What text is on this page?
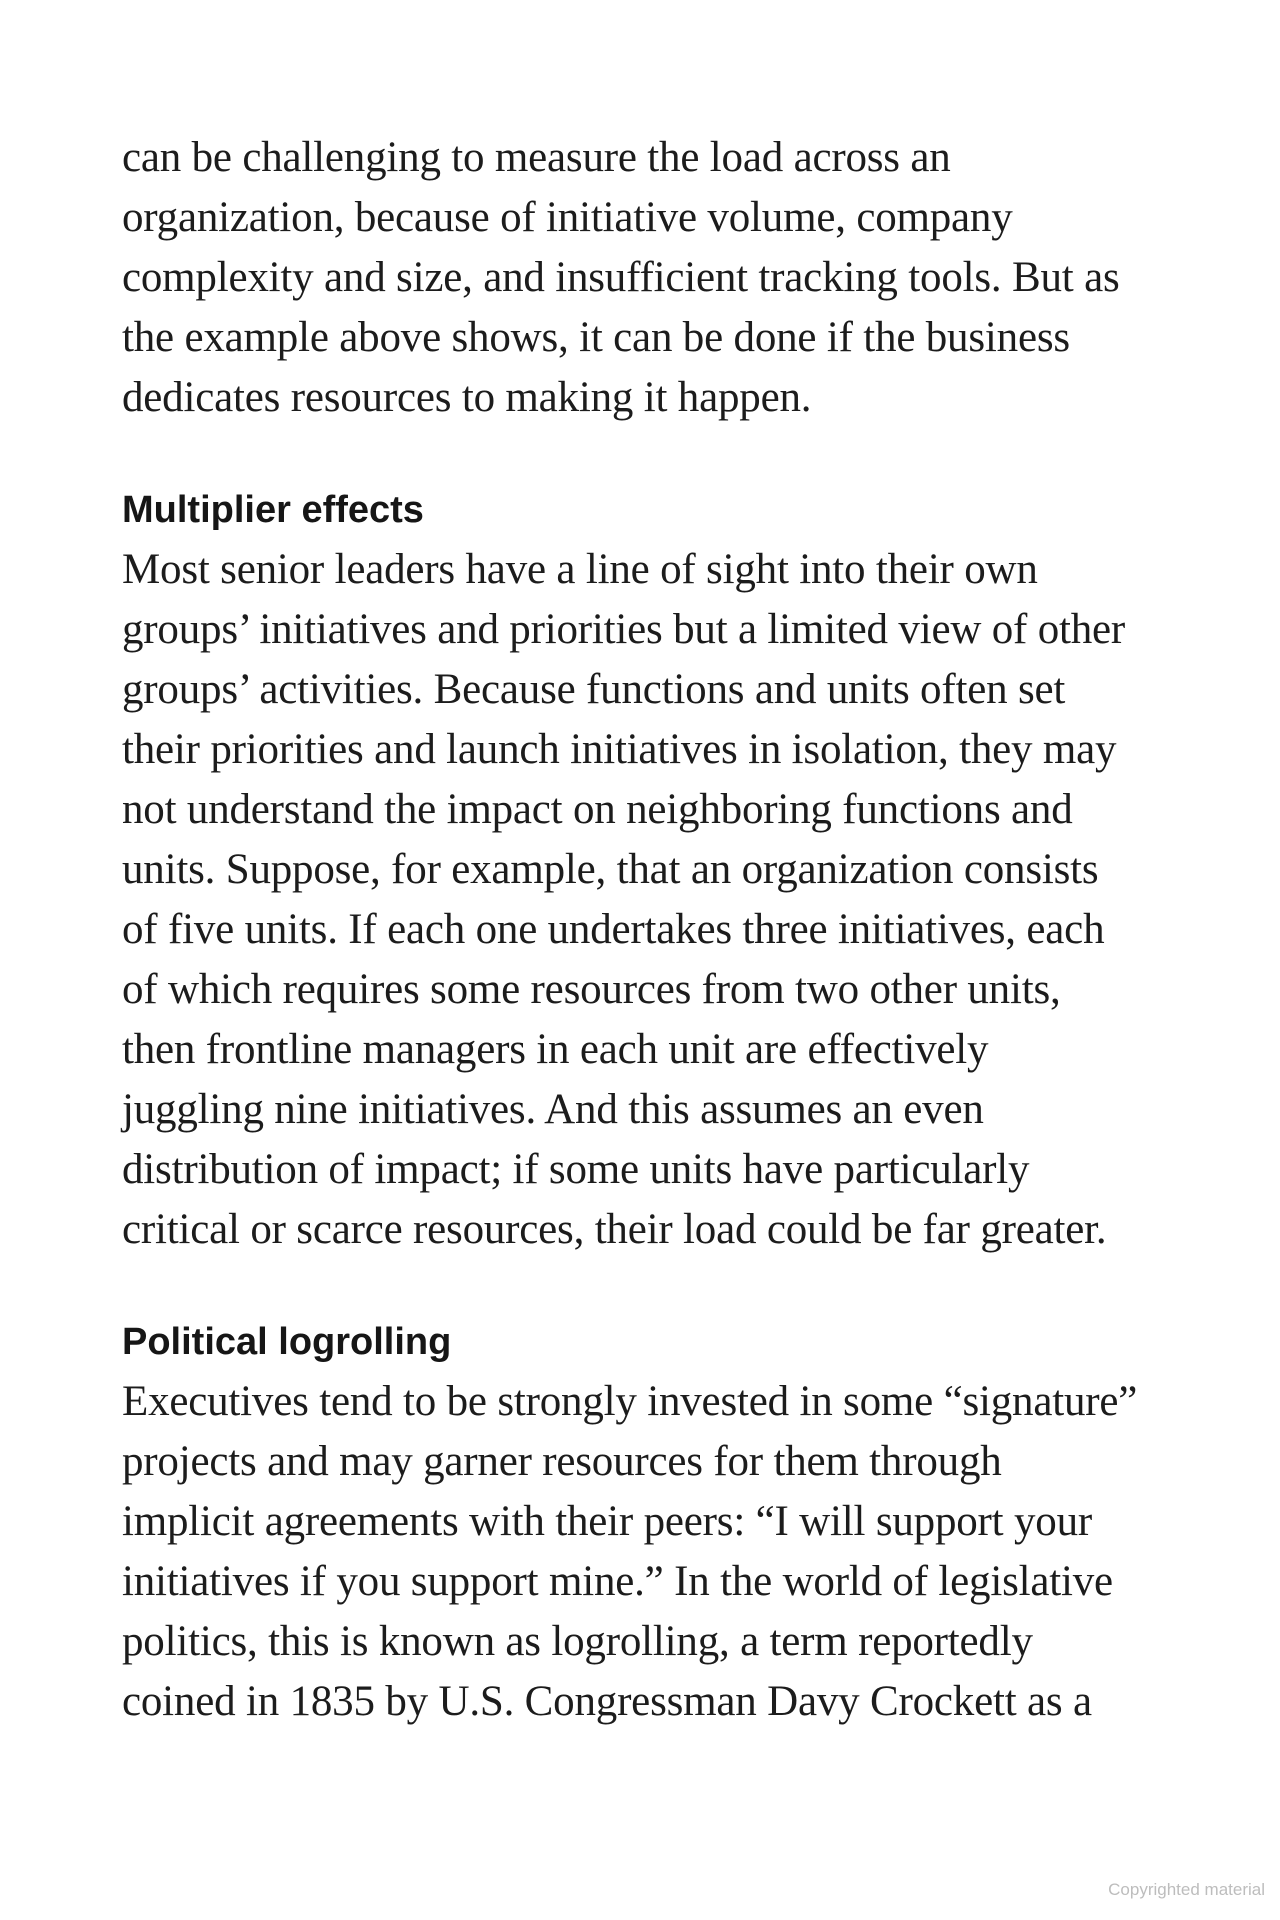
can be challenging to measure the load across an
organization, because of initiative volume, company
complexity and size, and insufficient tracking tools. But as
the example above shows, it can be done if the business
dedicates resources to making it happen.
Multiplier effects
Most senior leaders have a line of sight into their own
groups’ initiatives and priorities but a limited view of other
groups’ activities. Because functions and units often set
their priorities and launch initiatives in isolation, they may
not understand the impact on neighboring functions and
units. Suppose, for example, that an organization consists
of five units. If each one undertakes three initiatives, each
of which requires some resources from two other units,
then frontline managers in each unit are effectively
juggling nine initiatives. And this assumes an even
distribution of impact; if some units have particularly
critical or scarce resources, their load could be far greater.
Political logrolling
Executives tend to be strongly invested in some “signature”
projects and may garner resources for them through
implicit agreements with their peers: “I will support your
initiatives if you support mine.” In the world of legislative
politics, this is known as logrolling, a term reportedly
coined in 1835 by U.S. Congressman Davy Crockett as a
Copyrighted material
